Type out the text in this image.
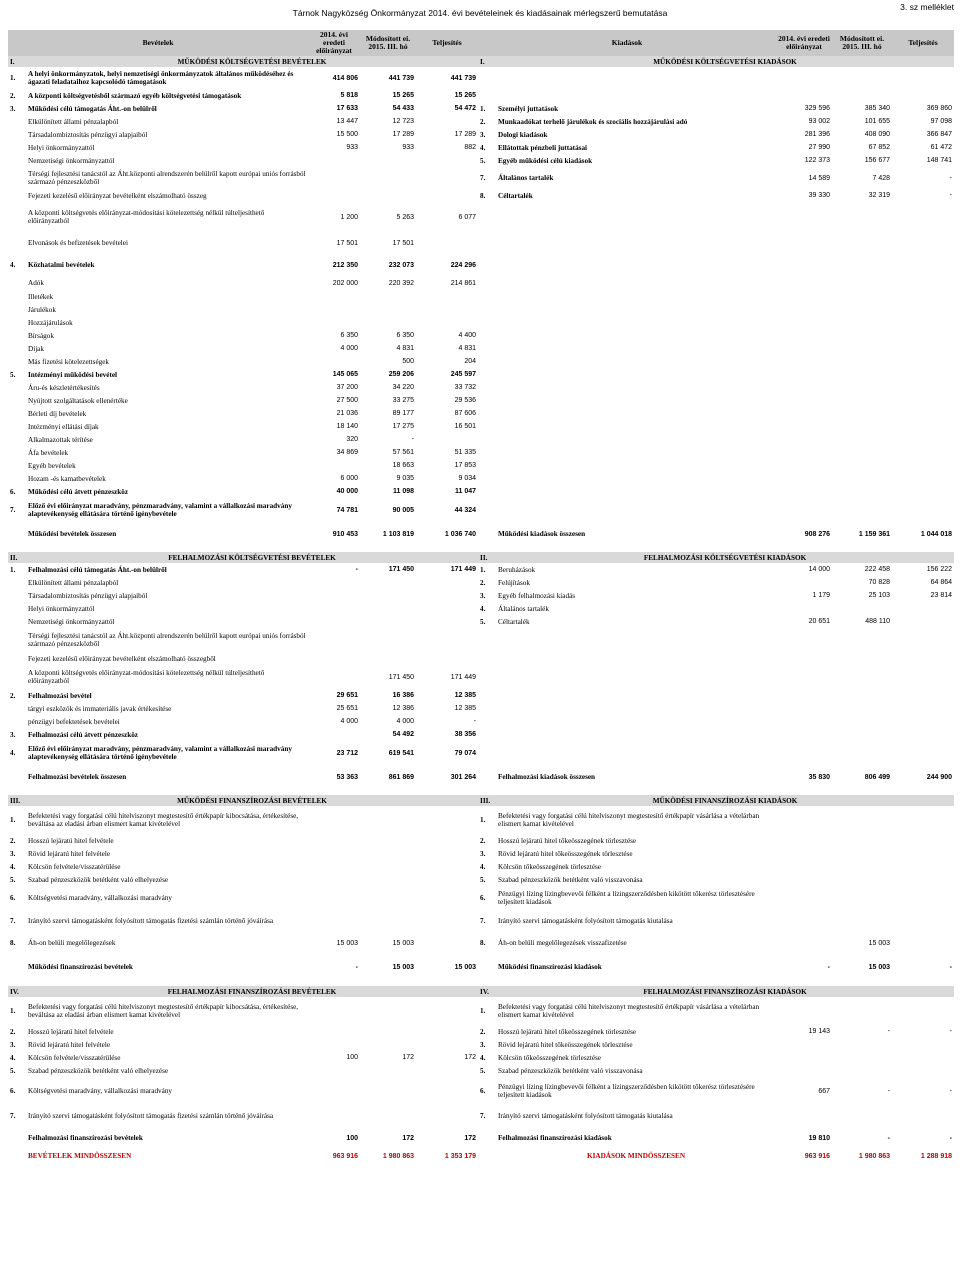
3. sz melléklet
Tárnok Nagyközség Önkormányzat 2014. évi bevételeinek és kiadásainak mérlegszerű bemutatása
Bevételek		2014. évi eredeti előirányzat	Módosított ei. 2015. III. hó	Teljesítés	Kiadások		2014. évi eredeti előirányzat	Módosított ei. 2015. III. hó	Teljesítés
I.	MŰKÖDÉSI KÖLTSÉGVETÉSI BEVÉTELEK				I.	MŰKÖDÉSI KÖLTSÉGVETÉSI KIADÁSOK			
1.	A helyi önkormányzatok, helyi nemzetiségi önkormányzatok általános működéséhez és ágazati feladataihoz kapcsolódó támogatások	414 806	441 739	441 739					
2.	A központi költségvetésből származó egyéb költségvetési támogatások	5 818	15 265	15 265					
3.	Működési célú támogatás Áht.-on belülről	17 633	54 433	54 472	1.	Személyi juttatások	329 596	385 340	369 860
	Elkülönített állami pénzalapból	13 447	12 723		2.	Munkaadókat terhelő járulékok és szociális hozzájárulási adó	93 002	101 655	97 098
	Társadalombiztosítás pénzügyi alapjaiból	15 500	17 289	17 289	3.	Dologi kiadások	281 396	408 090	366 847
	Helyi önkormányzattól	933	933	882	4.	Ellátottak pénzbeli juttatásai	27 990	67 852	61 472
	Nemzetiségi önkormányzattól				5.	Egyéb működési célú kiadások	122 373	156 677	148 741
	Térségi fejlesztési tanácstól az Áht.központi alrendszerén belülről kapott európai uniós forrásból származó pénzeszközből				7.	Általános tartalék	14 589	7 428	-
	Fejezeti kezelésű előirányzat bevételként elszámolható összeg				8.	Céltartalék	39 330	32 319	-
	A központi költségvetés előirányzat-módosítási kötelezettség nélkül túlteljesíthető előirányzatból	1 200	5 263	6 077					
	Elvonások és befizetések bevételei	17 501	17 501						
4.	Közhatalmi bevételek	212 350	232 073	224 296					
	Adók	202 000	220 392	214 861					
	Illetékek								
	Járulékok								
	Hozzájárulások								
	Bírságok	6 350	6 350	4 400					
	Díjak	4 000	4 831	4 831					
	Más fizetési kötelezettségek		500	204					
5.	Intézményi működési bevétel	145 065	259 206	245 597					
	Áru-és készletértékesítés	37 200	34 220	33 732					
	Nyújtott szolgáltatások ellenértéke	27 500	33 275	29 536					
	Bérleti díj bevételek	21 036	89 177	87 606					
	Intézményi ellátási díjak	18 140	17 275	16 501					
	Alkalmazottak térítése	320	-						
	Áfa bevételek	34 869	57 561	51 335					
	Egyéb bevételek		18 663	17 853					
	Hozam -és kamatbevételek	6 000	9 035	9 034					
6.	Működési célú átvett pénzeszköz	40 000	11 098	11 047					
7.	Előző évi előirányzat maradvány, pénzmaradvány, valamint a vállalkozási maradvány alaptevékenység ellátására történő igénybevétele	74 781	90 005	44 324					
	Működési bevételek összesen	910 453	1 103 819	1 036 740		Működési kiadások összesen	908 276	1 159 361	1 044 018

II.	FELHALMOZÁSI KÖLTSÉGVETÉSI BEVÉTELEK				II.	FELHALMOZÁSI KÖLTSÉGVETÉSI KIADÁSOK			
1.	Felhalmozási célú támogatás Áht.-on belülről	-	171 450	171 449	1.	Beruházások	14 000	222 458	156 222
	Elkülönített állami pénzalapból				2.	Felújítások		70 828	64 864
	Társadalombiztosítás pénzügyi alapjaiból				3.	Egyéb felhalmozási kiadás	1 179	25 103	23 814
	Helyi önkormányzattól				4.	Általános tartalék			
	Nemzetiségi önkormányzattól				5.	Céltartalék	20 651	488 110	
	Térségi fejlesztési tanácstól az Áht.központi alrendszerén belülről kapott európai uniós forrásból származó pénzeszközből								
	Fejezeti kezelésű előirányzat bevételként elszámolható összegből								
	A központi költségvetés előirányzat-módosítási kötelezettség nélkül túlteljesíthető előirányzatból		171 450	171 449					
2.	Felhalmozási bevétel	29 651	16 386	12 385					
	tárgyi eszközök és immateriális javak értékesítése	25 651	12 386	12 385					
	pénzügyi befektetések bevételei	4 000	4 000	-					
3.	Felhalmozási célú átvett pénzeszköz		54 492	38 356					
4.	Előző évi előirányzat maradvány, pénzmaradvány, valamint a vállalkozási maradvány alaptevékenység ellátására történő igénybevétele	23 712	619 541	79 074					
	Felhalmozási bevételek összesen	53 363	861 869	301 264		Felhalmozási kiadások összesen	35 830	806 499	244 900

III.	MŰKÖDÉSI FINANSZÍROZÁSI BEVÉTELEK				III.	MŰKÖDÉSI FINANSZÍROZÁSI KIADÁSOK			
1.	Befektetési vagy forgatási célú hitelviszonyt megtestesítő értékpapír kibocsátása, értékesítése, beváltása az eladási árban elismert kamat kivételével				1.	Befektetési vagy forgatási célú hitelviszonyt megtestesítő értékpapír vásárlása a vételárban elismert kamat kivételével			
2.	Hosszú lejáratú hitel felvétele				2.	Hosszú lejáratú hitel tőkeösszegének törlesztése			
3.	Rövid lejáratú hitel felvétele				3.	Rövid lejáratú hitel tőkeösszegének törlesztése			
4.	Kölcsön felvétele/visszatérülése				4.	Kölcsön tőkeösszegének törlesztése			
5.	Szabad pénzeszközök betétként való elhelyezése				5.	Szabad pénzeszközök betétként való visszavonása			
6.	Költségvetési maradvány, vállalkozási maradvány				6.	Pénzügyi lízing lízingbevevői félként a lízingszerződésben kikötött tőkerész törlesztésére teljesített kiadások			
7.	Irányító szervi támogatásként folyósított támogatás fizetési számlán történő jóváírása				7.	Irányító szervi támogatásként folyósított támogatás kiutalása			
8.	Áh-on belüli megelőlegezések	15 003	15 003		8.	Áh-on belüli megelőlegezések visszafizetése		15 003	
	Működési finanszírozási bevételek	-	15 003	15 003		Működési finanszírozási kiadások	-	15 003	-

IV.	FELHALMOZÁSI FINANSZÍROZÁSI BEVÉTELEK				IV.	FELHALMOZÁSI FINANSZÍROZÁSI KIADÁSOK			
1.	Befektetési vagy forgatási célú hitelviszonyt megtestesítő értékpapír kibocsátása, értékesítése, beváltása az eladási árban elismert kamat kivételével				1.	Befektetési vagy forgatási célú hitelviszonyt megtestesítő értékpapír vásárlása a vételárban elismert kamat kivételével			
2.	Hosszú lejáratú hitel felvétele				2.	Hosszú lejáratú hitel tőkeösszegének törlesztése	19 143	-	-
3.	Rövid lejáratú hitel felvétele				3.	Rövid lejáratú hitel tőkeösszegének törlesztése			
4.	Kölcsön felvétele/visszatérülése	100	172	172	4.	Kölcsön tőkeösszegének törlesztése			
5.	Szabad pénzeszközök betétként való elhelyezése				5.	Szabad pénzeszközök betétként való visszavonása			
6.	Költségvetési maradvány, vállalkozási maradvány				6.	Pénzügyi lízing lízingbevevői félként a lízingszerződésben kikötött tőkerész törlesztésére teljesített kiadások	667	-	-
7.	Irányító szervi támogatásként folyósított támogatás fizetési számlán történő jóváírása				7.	Irányító szervi támogatásként folyósított támogatás kiutalása			
	Felhalmozási finanszírozási bevételek	100	172	172		Felhalmozási finanszírozási kiadások	19 810	-	-
	BEVÉTELEK MINDÖSSZESEN	963 916	1 980 863	1 353 179		KIADÁSOK MINDÖSSZESEN	963 916	1 980 863	1 288 918
